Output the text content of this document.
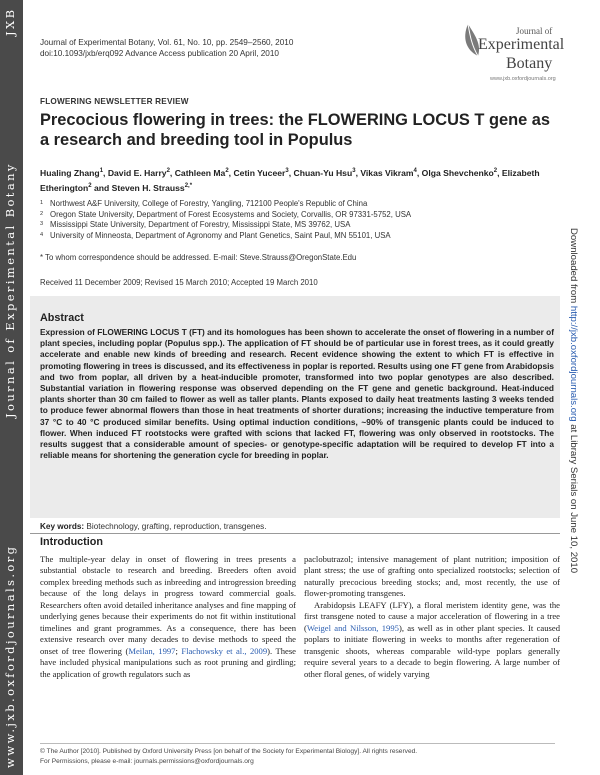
www.jxb.oxfordjournals.org
Journal of Experimental Botany
JXB
Downloaded from http://jxb.oxfordjournals.org at Library Serials on June 10, 2010
Journal of Experimental Botany, Vol. 61, No. 10, pp. 2549–2560, 2010
doi:10.1093/jxb/erq092 Advance Access publication 20 April, 2010
Journal of
Experimental
Botany
www.jxb.oxfordjournals.org
FLOWERING NEWSLETTER REVIEW
Precocious flowering in trees: the FLOWERING LOCUS T gene as a research and breeding tool in Populus
Hualing Zhang$^1$, David E. Harry$^2$, Cathleen Ma$^2$, Cetin Yuceer$^3$, Chuan-Yu Hsu$^3$, Vikas Vikram$^4$, Olga Shevchenko$^2$, Elizabeth Etherington$^2$ and Steven H. Strauss$^{2,*}$
1 Northwest A&F University, College of Forestry, Yangling, 712100 People's Republic of China
2 Oregon State University, Department of Forest Ecosystems and Society, Corvallis, OR 97331-5752, USA
3 Mississippi State University, Department of Forestry, Mississippi State, MS 39762, USA
4 University of Minneosta, Department of Agronomy and Plant Genetics, Saint Paul, MN 55101, USA
* To whom correspondence should be addressed. E-mail: Steve.Strauss@OregonState.Edu
Received 11 December 2009; Revised 15 March 2010; Accepted 19 March 2010
Abstract
Expression of FLOWERING LOCUS T (FT) and its homologues has been shown to accelerate the onset of flowering in a number of plant species, including poplar (Populus spp.). The application of FT should be of particular use in forest trees, as it could greatly accelerate and enable new kinds of breeding and research. Recent evidence showing the extent to which FT is effective in promoting flowering in trees is discussed, and its effectiveness in poplar is reported. Results using one FT gene from Arabidopsis and two from poplar, all driven by a heat-inducible promoter, transformed into two poplar genotypes are also described. Substantial variation in flowering response was observed depending on the FT gene and genetic background. Heat-induced plants shorter than 30 cm failed to flower as well as taller plants. Plants exposed to daily heat treatments lasting 3 weeks tended to produce fewer abnormal flowers than those in heat treatments of shorter durations; increasing the inductive temperature from 37 °C to 40 °C produced similar benefits. Using optimal induction conditions, ~90% of transgenic plants could be induced to flower. When induced FT rootstocks were grafted with scions that lacked FT, flowering was only observed in rootstocks. The results suggest that a considerable amount of species- or genotype-specific adaptation will be required to develop FT into a reliable means for shortening the generation cycle for breeding in poplar.
Key words: Biotechnology, grafting, reproduction, transgenes.
Introduction
The multiple-year delay in onset of flowering in trees presents a substantial obstacle to research and breeding. Breeders often avoid complex breeding methods such as inbreeding and introgression breeding because of the long delays in progress toward commercial goals. Researchers often avoid detailed inheritance analyses and fine mapping of underlying genes because their experiments do not fit within institutional timelines and grant programmes. As a consequence, there has been extensive research over many decades to devise methods to speed the onset of tree flowering (Meilan, 1997; Flachowsky et al., 2009). These have included physical manipulations such as root pruning and girdling; the application of growth regulators such as
paclobutrazol; intensive management of plant nutrition; imposition of plant stress; the use of grafting onto specialized rootstocks; selection of naturally precocious breeding stocks; and, most recently, the use of flower-promoting transgenes.
Arabidopsis LEAFY (LFY), a floral meristem identity gene, was the first transgene noted to cause a major acceleration of flowering in a tree (Weigel and Nilsson, 1995), as well as in other plant species. It caused poplars to initiate flowering in weeks to months after regeneration of transgenic shoots, whereas comparable wild-type poplars generally require several years to a decade to begin flowering. A large number of other floral genes, of widely varying
© The Author [2010]. Published by Oxford University Press [on behalf of the Society for Experimental Biology]. All rights reserved.
For Permissions, please e-mail: journals.permissions@oxfordjournals.org
